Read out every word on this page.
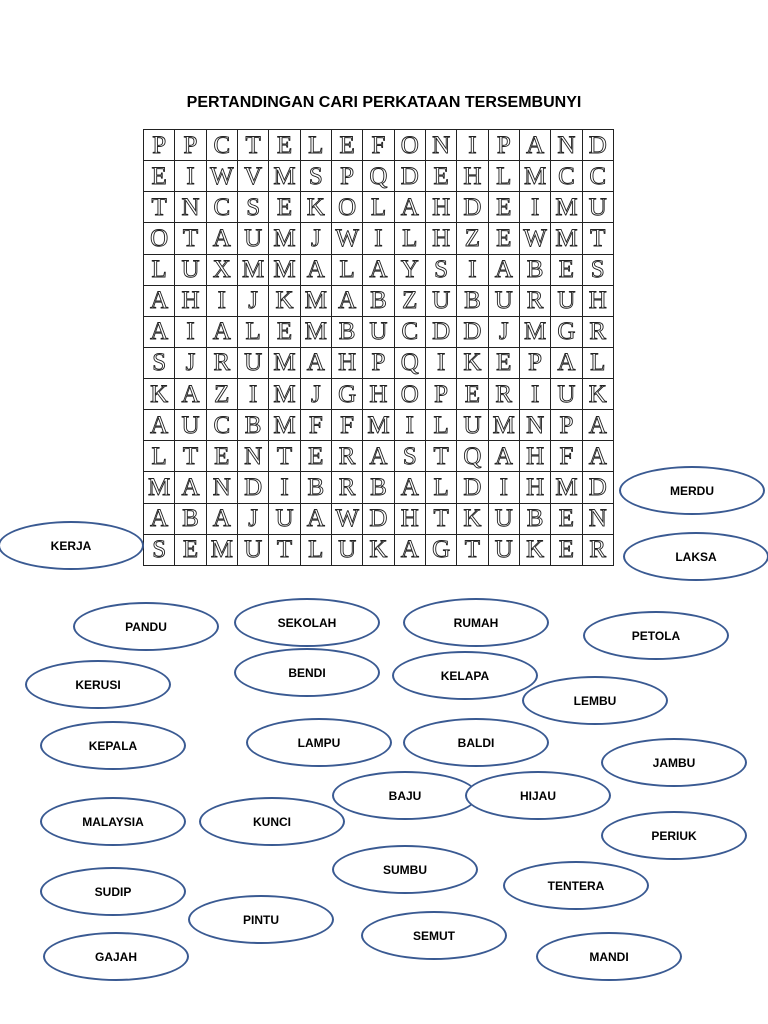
PERTANDINGAN CARI PERKATAAN TERSEMBUNYI
P P C T E L E F O N I P A N D
E I W V M S P Q D E H L M C C
T N C S E K O L A H D E I M U
O T A U M J W I L H Z E W M T
L U X M M A L A Y S I A B E S
A H I J K M A B Z U B U R U H
A I A L E M B U C D D J M G R
S J R U M A H P Q I K E P A L
K A Z I M J G H O P E R I U K
A U C B M F F M I L U M N P A
L T E N T E R A S T Q A H F A
M A N D I B R B A L D I H M D
A B A J U A W D H T K U B E N
S E M U T L U K A G T U K E R
MERDU
KERJA
LAKSA
PANDU	SEKOLAH	RUMAH
PETOLA
BENDI
KERUSI
KELAPA
LEMBU
KEPALA	LAMPU	BALDI
JAMBU
BAJU	HIJAU
MALAYSIA	KUNCI
PERIUK
SUMBU
SUDIP	TENTERA
PINTU
SEMUT
GAJAH	MANDI
